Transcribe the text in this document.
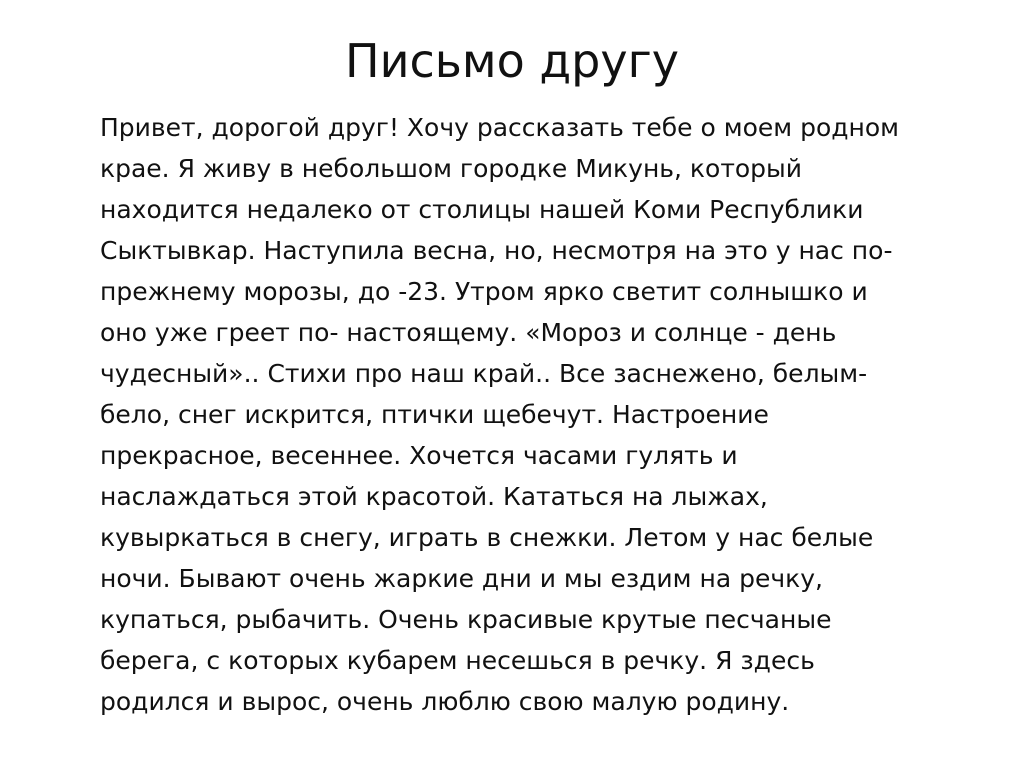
Письмо другу
Привет, дорогой друг! Хочу рассказать тебе о моем родном
крае. Я живу в небольшом городке Микунь, который
находится недалеко от столицы нашей Коми Республики
Сыктывкар. Наступила весна, но, несмотря на это у нас по-
прежнему морозы, до -23. Утром ярко светит солнышко и
оно уже греет по- настоящему. «Мороз и солнце - день
чудесный».. Стихи про наш край.. Все заснежено, белым-
бело, снег искрится, птички щебечут. Настроение
прекрасное, весеннее. Хочется часами гулять и
наслаждаться этой красотой. Кататься на лыжах,
кувыркаться в снегу, играть в снежки. Летом у нас белые
ночи. Бывают очень жаркие дни и мы ездим на речку,
купаться, рыбачить. Очень красивые крутые песчаные
берега, с которых кубарем несешься в речку. Я здесь
родился и вырос, очень люблю свою малую родину.
